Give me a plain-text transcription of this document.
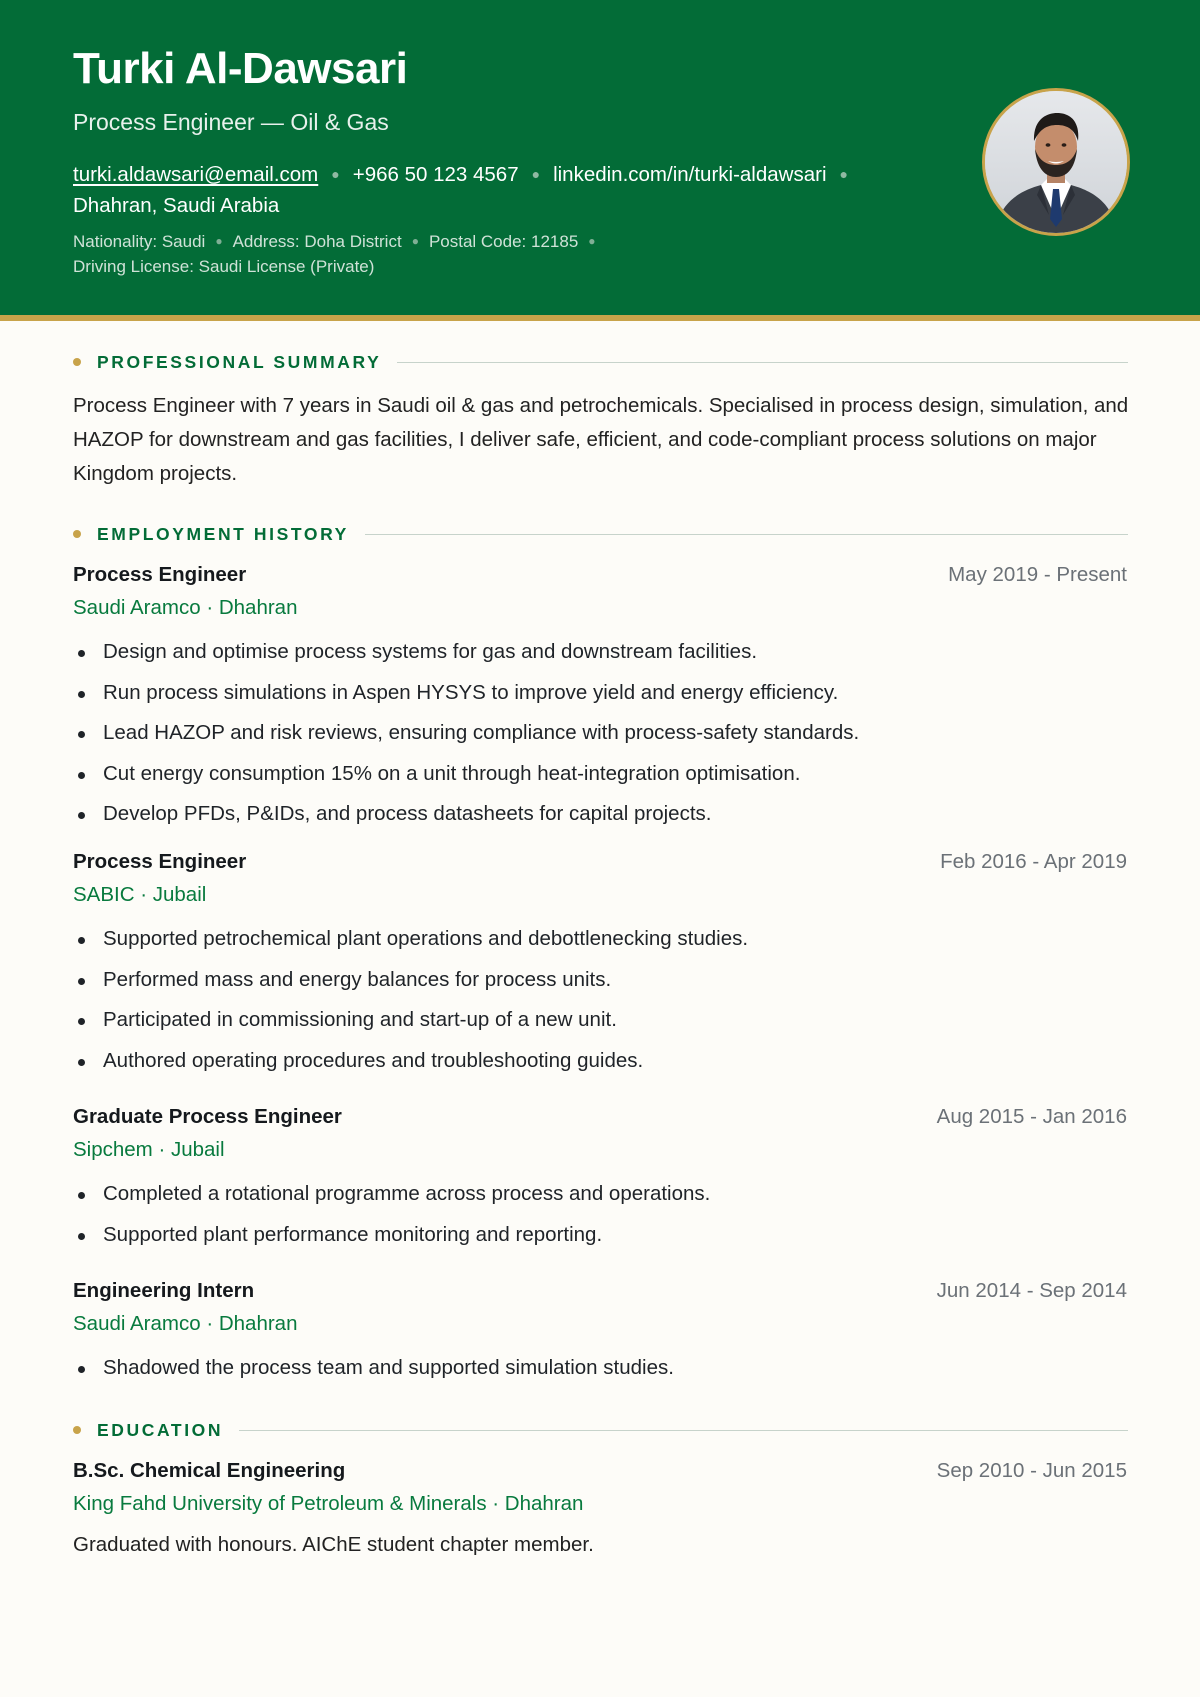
Turki Al-Dawsari
Process Engineer — Oil & Gas
turki.aldawsari@email.com ● +966 50 123 4567 ● linkedin.com/in/turki-aldawsari ●
Dhahran, Saudi Arabia
Nationality: Saudi ● Address: Doha District ● Postal Code: 12185 ●
Driving License: Saudi License (Private)
PROFESSIONAL SUMMARY
Process Engineer with 7 years in Saudi oil & gas and petrochemicals. Specialised in process design, simulation, and HAZOP for downstream and gas facilities, I deliver safe, efficient, and code-compliant process solutions on major Kingdom projects.
EMPLOYMENT HISTORY
Process Engineer	May 2019 - Present
Saudi Aramco · Dhahran
Design and optimise process systems for gas and downstream facilities.
Run process simulations in Aspen HYSYS to improve yield and energy efficiency.
Lead HAZOP and risk reviews, ensuring compliance with process-safety standards.
Cut energy consumption 15% on a unit through heat-integration optimisation.
Develop PFDs, P&IDs, and process datasheets for capital projects.
Process Engineer	Feb 2016 - Apr 2019
SABIC · Jubail
Supported petrochemical plant operations and debottlenecking studies.
Performed mass and energy balances for process units.
Participated in commissioning and start-up of a new unit.
Authored operating procedures and troubleshooting guides.
Graduate Process Engineer	Aug 2015 - Jan 2016
Sipchem · Jubail
Completed a rotational programme across process and operations.
Supported plant performance monitoring and reporting.
Engineering Intern	Jun 2014 - Sep 2014
Saudi Aramco · Dhahran
Shadowed the process team and supported simulation studies.
EDUCATION
B.Sc. Chemical Engineering	Sep 2010 - Jun 2015
King Fahd University of Petroleum & Minerals · Dhahran
Graduated with honours. AIChE student chapter member.
